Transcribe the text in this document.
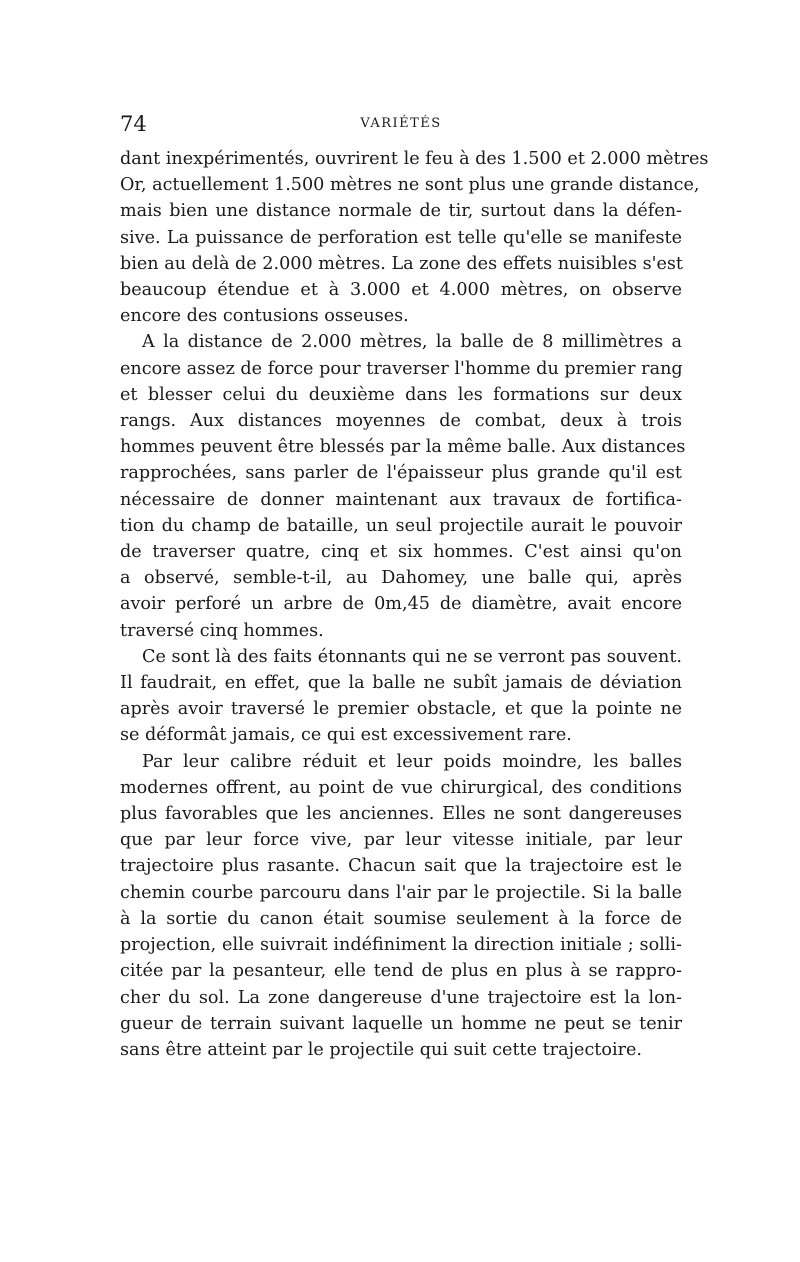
74	VARIÉTÉS
dant inexpérimentés, ouvrirent le feu à des 1.500 et 2.000 mètres
Or, actuellement 1.500 mètres ne sont plus une grande distance,
mais bien une distance normale de tir, surtout dans la défen-
sive. La puissance de perforation est telle qu'elle se manifeste
bien au delà de 2.000 mètres. La zone des effets nuisibles s'est
beaucoup étendue et à 3.000 et 4.000 mètres, on observe
encore des contusions osseuses.
A la distance de 2.000 mètres, la balle de 8 millimètres a
encore assez de force pour traverser l'homme du premier rang
et blesser celui du deuxième dans les formations sur deux
rangs. Aux distances moyennes de combat, deux à trois
hommes peuvent être blessés par la même balle. Aux distances
rapprochées, sans parler de l'épaisseur plus grande qu'il est
nécessaire de donner maintenant aux travaux de fortifica-
tion du champ de bataille, un seul projectile aurait le pouvoir
de traverser quatre, cinq et six hommes. C'est ainsi qu'on
a observé, semble-t-il, au Dahomey, une balle qui, après
avoir perforé un arbre de 0m,45 de diamètre, avait encore
traversé cinq hommes.
Ce sont là des faits étonnants qui ne se verront pas souvent.
Il faudrait, en effet, que la balle ne subît jamais de déviation
après avoir traversé le premier obstacle, et que la pointe ne
se déformât jamais, ce qui est excessivement rare.
Par leur calibre réduit et leur poids moindre, les balles
modernes offrent, au point de vue chirurgical, des conditions
plus favorables que les anciennes. Elles ne sont dangereuses
que par leur force vive, par leur vitesse initiale, par leur
trajectoire plus rasante. Chacun sait que la trajectoire est le
chemin courbe parcouru dans l'air par le projectile. Si la balle
à la sortie du canon était soumise seulement à la force de
projection, elle suivrait indéfiniment la direction initiale ; solli-
citée par la pesanteur, elle tend de plus en plus à se rappro-
cher du sol. La zone dangereuse d'une trajectoire est la lon-
gueur de terrain suivant laquelle un homme ne peut se tenir
sans être atteint par le projectile qui suit cette trajectoire.
